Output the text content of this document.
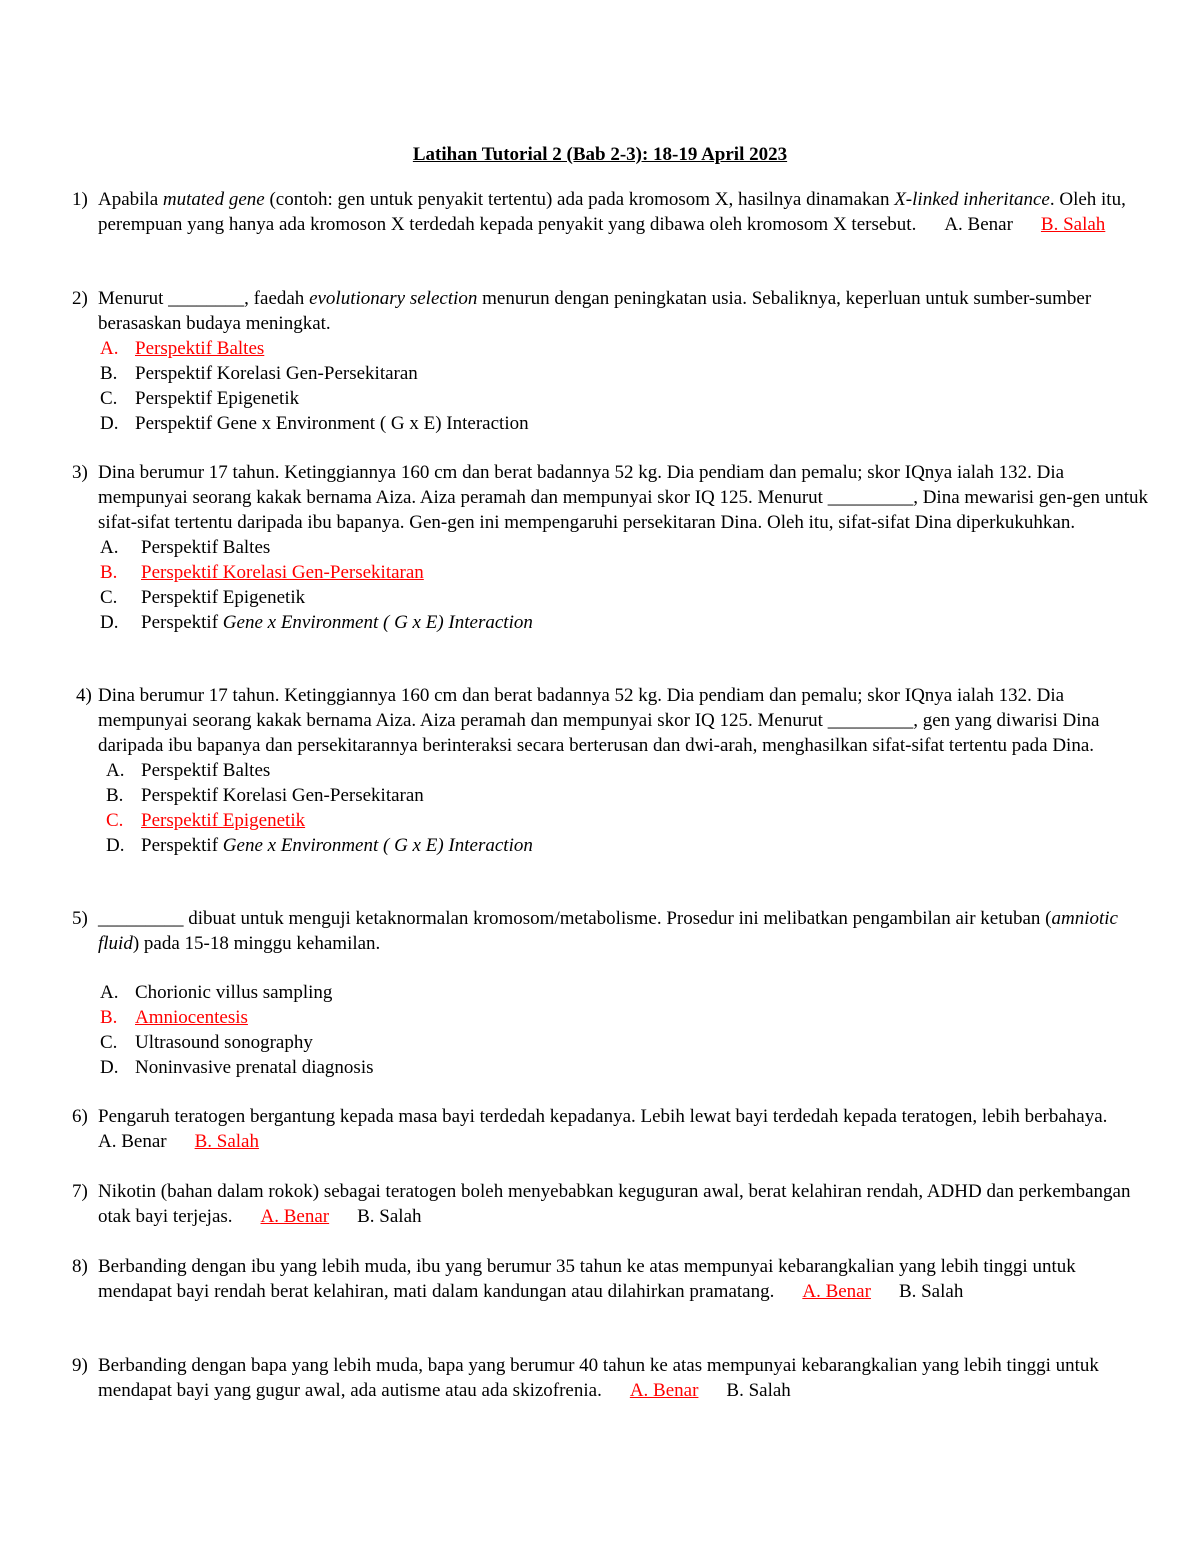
Latihan Tutorial 2 (Bab 2-3): 18-19 April 2023
1) Apabila mutated gene (contoh: gen untuk penyakit tertentu) ada pada kromosom X, hasilnya dinamakan X-linked inheritance. Oleh itu, perempuan yang hanya ada kromoson X terdedah kepada penyakit yang dibawa oleh kromosom X tersebut. A. Benar B. Salah

2) Menurut ________, faedah evolutionary selection menurun dengan peningkatan usia. Sebaliknya, keperluan untuk sumber-sumber berasaskan budaya meningkat.

A. Perspektif Baltes
B. Perspektif Korelasi Gen-Persekitaran
C. Perspektif Epigenetik
D. Perspektif Gene x Environment ( G x E) Interaction
3) Dina berumur 17 tahun. Ketinggiannya 160 cm dan berat badannya 52 kg. Dia pendiam dan pemalu; skor IQnya ialah 132. Dia mempunyai seorang kakak bernama Aiza. Aiza peramah dan mempunyai skor IQ 125. Menurut _________, Dina mewarisi gen-gen untuk sifat-sifat tertentu daripada ibu bapanya. Gen-gen ini mempengaruhi persekitaran Dina. Oleh itu, sifat-sifat Dina diperkukuhkan.

A. Perspektif Baltes
B. Perspektif Korelasi Gen-Persekitaran
C. Perspektif Epigenetik
D. Perspektif Gene x Environment ( G x E) Interaction
4) Dina berumur 17 tahun. Ketinggiannya 160 cm dan berat badannya 52 kg. Dia pendiam dan pemalu; skor IQnya ialah 132. Dia mempunyai seorang kakak bernama Aiza. Aiza peramah dan mempunyai skor IQ 125. Menurut _________, gen yang diwarisi Dina daripada ibu bapanya dan persekitarannya berinteraksi secara berterusan dan dwi-arah, menghasilkan sifat-sifat tertentu pada Dina.

A. Perspektif Baltes
B. Perspektif Korelasi Gen-Persekitaran
C. Perspektif Epigenetik
D. Perspektif Gene x Environment ( G x E) Interaction
5) _________ dibuat untuk menguji ketaknormalan kromosom/metabolisme. Prosedur ini melibatkan pengambilan air ketuban (amniotic fluid) pada 15-18 minggu kehamilan.

A. Chorionic villus sampling
B. Amniocentesis
C. Ultrasound sonography
D. Noninvasive prenatal diagnosis
6) Pengaruh teratogen bergantung kepada masa bayi terdedah kepadanya. Lebih lewat bayi terdedah kepada teratogen, lebih berbahaya.A. Benar B. Salah

7) Nikotin (bahan dalam rokok) sebagai teratogen boleh menyebabkan keguguran awal, berat kelahiran rendah, ADHD dan perkembangan otak bayi terjejas. A. Benar B. Salah

8) Berbanding dengan ibu yang lebih muda, ibu yang berumur 35 tahun ke atas mempunyai kebarangkalian yang lebih tinggi untuk mendapat bayi rendah berat kelahiran, mati dalam kandungan atau dilahirkan pramatang. A. Benar B. Salah

9) Berbanding dengan bapa yang lebih muda, bapa yang berumur 40 tahun ke atas mempunyai kebarangkalian yang lebih tinggi untuk mendapat bayi yang gugur awal, ada autisme atau ada skizofrenia. A. Benar B. Salah
